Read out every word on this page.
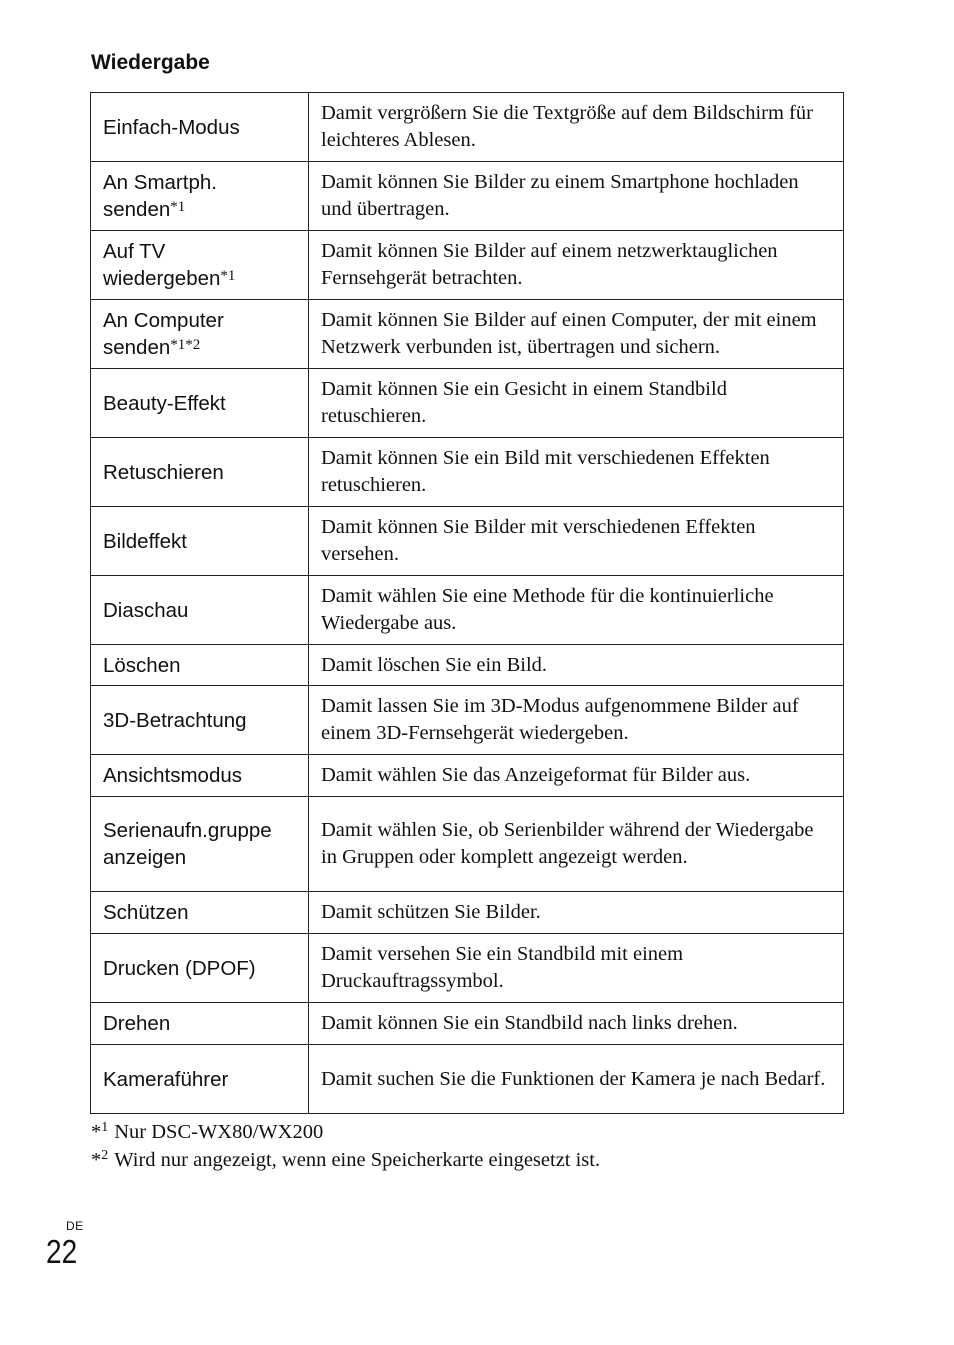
Wiedergabe
Einfach-Modus	Damit vergrößern Sie die Textgröße auf dem Bildschirm für leichteres Ablesen.
An Smartph. senden$^{*1}$	Damit können Sie Bilder zu einem Smartphone hochladen und übertragen.
Auf TV wiedergeben$^{*1}$	Damit können Sie Bilder auf einem netzwerktauglichen Fernsehgerät betrachten.
An Computer senden$^{*1*2}$	Damit können Sie Bilder auf einen Computer, der mit einem Netzwerk verbunden ist, übertragen und sichern.
Beauty-Effekt	Damit können Sie ein Gesicht in einem Standbild retuschieren.
Retuschieren	Damit können Sie ein Bild mit verschiedenen Effekten retuschieren.
Bildeffekt	Damit können Sie Bilder mit verschiedenen Effekten versehen.
Diaschau	Damit wählen Sie eine Methode für die kontinuierliche Wiedergabe aus.
Löschen	Damit löschen Sie ein Bild.
3D-Betrachtung	Damit lassen Sie im 3D-Modus aufgenommene Bilder auf einem 3D-Fernsehgerät wiedergeben.
Ansichtsmodus	Damit wählen Sie das Anzeigeformat für Bilder aus.
Serienaufn.gruppe anzeigen	Damit wählen Sie, ob Serienbilder während der Wiedergabe in Gruppen oder komplett angezeigt werden.
Schützen	Damit schützen Sie Bilder.
Drucken (DPOF)	Damit versehen Sie ein Standbild mit einem Druckauftragssymbol.
Drehen	Damit können Sie ein Standbild nach links drehen.
Kameraführer	Damit suchen Sie die Funktionen der Kamera je nach Bedarf.
*$^1$ Nur DSC-WX80/WX200
*$^2$ Wird nur angezeigt, wenn eine Speicherkarte eingesetzt ist.
DE
22
